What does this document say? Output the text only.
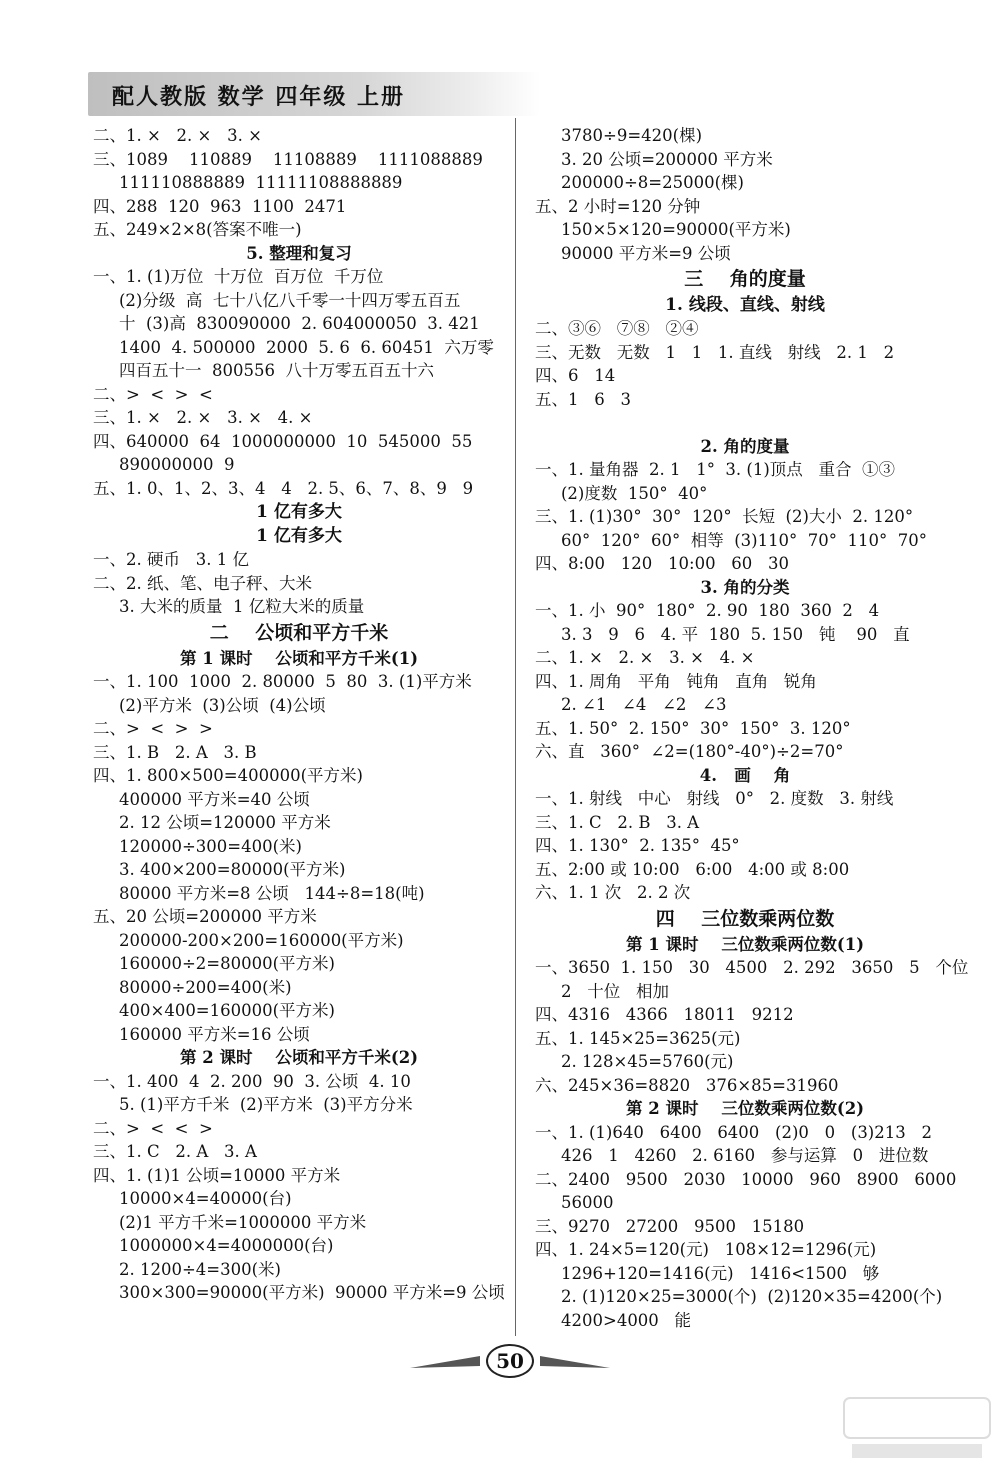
配人教版 数学 四年级 上册
二、1. ×   2. ×   3. ×
三、1089    110889    11108889    1111088889
111110888889  11111108888889
四、288  120  963  1100  2471
五、249×2×8(答案不唯一)
5. 整理和复习
一、1. (1)万位  十万位  百万位  千万位
(2)分级  高  七十八亿八千零一十四万零五百五
十  (3)高  830090000  2. 604000050  3. 421
1400  4. 500000  2000  5. 6  6. 60451  六万零
四百五十一  800556  八十万零五百五十六
二、>  <  >  <
三、1. ×   2. ×   3. ×   4. ×
四、640000  64  1000000000  10  545000  55
890000000  9
五、1. 0、1、2、3、4   4   2. 5、6、7、8、9   9
1 亿有多大
1 亿有多大
一、2. 硬币   3. 1 亿
二、2. 纸、笔、电子秤、大米
3. 大米的质量  1 亿粒大米的质量
二    公顷和平方千米
第 1 课时    公顷和平方千米(1)
一、1. 100  1000  2. 80000  5  80  3. (1)平方米
(2)平方米  (3)公顷  (4)公顷
二、>  <  >  >
三、1. B   2. A   3. B
四、1. 800×500=400000(平方米)
400000 平方米=40 公顷
2. 12 公顷=120000 平方米
120000÷300=400(米)
3. 400×200=80000(平方米)
80000 平方米=8 公顷   144÷8=18(吨)
五、20 公顷=200000 平方米
200000-200×200=160000(平方米)
160000÷2=80000(平方米)
80000÷200=400(米)
400×400=160000(平方米)
160000 平方米=16 公顷
第 2 课时    公顷和平方千米(2)
一、1. 400  4  2. 200  90  3. 公顷  4. 10
5. (1)平方千米  (2)平方米  (3)平方分米
二、>  <  <  >
三、1. C   2. A   3. A
四、1. (1)1 公顷=10000 平方米
10000×4=40000(台)
(2)1 平方千米=1000000 平方米
1000000×4=4000000(台)
2. 1200÷4=300(米)
300×300=90000(平方米)  90000 平方米=9 公顷
3780÷9=420(棵)
3. 20 公顷=200000 平方米
200000÷8=25000(棵)
五、2 小时=120 分钟
150×5×120=90000(平方米)
90000 平方米=9 公顷
三    角的度量
1. 线段、直线、射线
二、③⑥   ⑦⑧   ②④
三、无数   无数   1   1   1. 直线   射线   2. 1   2
四、6   14
五、1   6   3
2. 角的度量
一、1. 量角器  2. 1   1°  3. (1)顶点   重合  ①③
(2)度数  150°  40°
三、1. (1)30°  30°  120°  长短  (2)大小  2. 120°
60°  120°  60°  相等  (3)110°  70°  110°  70°
四、8:00   120   10:00   60   30
3. 角的分类
一、1. 小  90°  180°  2. 90  180  360  2   4
3. 3   9   6   4. 平  180  5. 150   钝    90   直
二、1. ×   2. ×   3. ×   4. ×
四、1. 周角   平角   钝角   直角   锐角
2. ∠1   ∠4   ∠2   ∠3
五、1. 50°  2. 150°  30°  150°  3. 120°
六、直   360°  ∠2=(180°-40°)÷2=70°
4.   画    角
一、1. 射线   中心   射线   0°   2. 度数   3. 射线
三、1. C   2. B   3. A
四、1. 130°  2. 135°  45°
五、2:00 或 10:00   6:00   4:00 或 8:00
六、1. 1 次   2. 2 次
四    三位数乘两位数
第 1 课时    三位数乘两位数(1)
一、3650  1. 150   30   4500   2. 292   3650   5   个位
2   十位   相加
四、4316   4366   18011   9212
五、1. 145×25=3625(元)
2. 128×45=5760(元)
六、245×36=8820   376×85=31960
第 2 课时    三位数乘两位数(2)
一、1. (1)640   6400   6400   (2)0   0   (3)213   2
426   1   4260   2. 6160   参与运算   0   进位数
二、2400   9500   2030   10000   960   8900   6000
56000
三、9270   27200   9500   15180
四、1. 24×5=120(元)   108×12=1296(元)
1296+120=1416(元)   1416<1500   够
2. (1)120×25=3000(个)  (2)120×35=4200(个)
4200>4000   能
50
